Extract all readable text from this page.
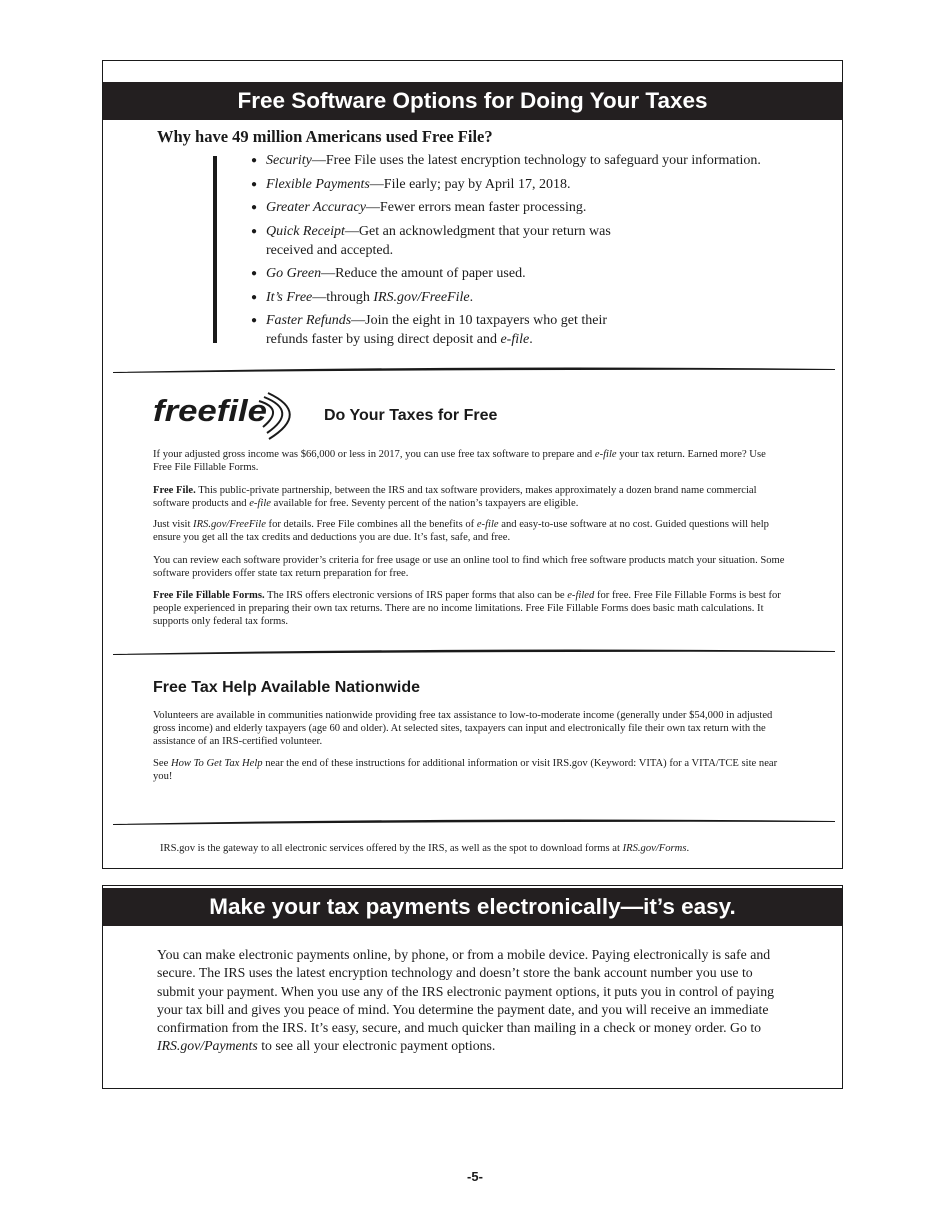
Free Software Options for Doing Your Taxes
Why have 49 million Americans used Free File?
● Security—Free File uses the latest encryption technology to safeguard your information.
● Flexible Payments—File early; pay by April 17, 2018.
● Greater Accuracy—Fewer errors mean faster processing.
● Quick Receipt—Get an acknowledgment that your return was received and accepted.
● Go Green—Reduce the amount of paper used.
● It’s Free—through IRS.gov/FreeFile.
● Faster Refunds—Join the eight in 10 taxpayers who get their refunds faster by using direct deposit and e-file.
freefile	Do Your Taxes for Free

If your adjusted gross income was $66,000 or less in 2017, you can use free tax software to prepare and e-file your tax return. Earned more? Use Free File Fillable Forms.

Free File. This public-private partnership, between the IRS and tax software providers, makes approximately a dozen brand name commercial software products and e-file available for free. Seventy percent of the nation’s taxpayers are eligible.

Just visit IRS.gov/FreeFile for details. Free File combines all the benefits of e-file and easy-to-use software at no cost. Guided questions will help ensure you get all the tax credits and deductions you are due. It’s fast, safe, and free.

You can review each software provider’s criteria for free usage or use an online tool to find which free software products match your situation. Some software providers offer state tax return preparation for free.

Free File Fillable Forms. The IRS offers electronic versions of IRS paper forms that also can be e-filed for free. Free File Fillable Forms is best for people experienced in preparing their own tax returns. There are no income limitations. Free File Fillable Forms does basic math calculations. It supports only federal tax forms.

Free Tax Help Available Nationwide

Volunteers are available in communities nationwide providing free tax assistance to low-to-moderate income (generally under $54,000 in adjusted gross income) and elderly taxpayers (age 60 and older). At selected sites, taxpayers can input and electronically file their own tax return with the assistance of an IRS-certified volunteer.

See How To Get Tax Help near the end of these instructions for additional information or visit IRS.gov (Keyword: VITA) for a VITA/TCE site near you!

IRS.gov is the gateway to all electronic services offered by the IRS, as well as the spot to download forms at IRS.gov/Forms.
Make your tax payments electronically—it’s easy.

You can make electronic payments online, by phone, or from a mobile device. Paying electronically is safe and secure. The IRS uses the latest encryption technology and doesn’t store the bank account number you use to submit your payment. When you use any of the IRS electronic payment options, it puts you in control of paying your tax bill and gives you peace of mind. You determine the payment date, and you will receive an immediate confirmation from the IRS. It’s easy, secure, and much quicker than mailing in a check or money order. Go to IRS.gov/Payments to see all your electronic payment options.

-5-
